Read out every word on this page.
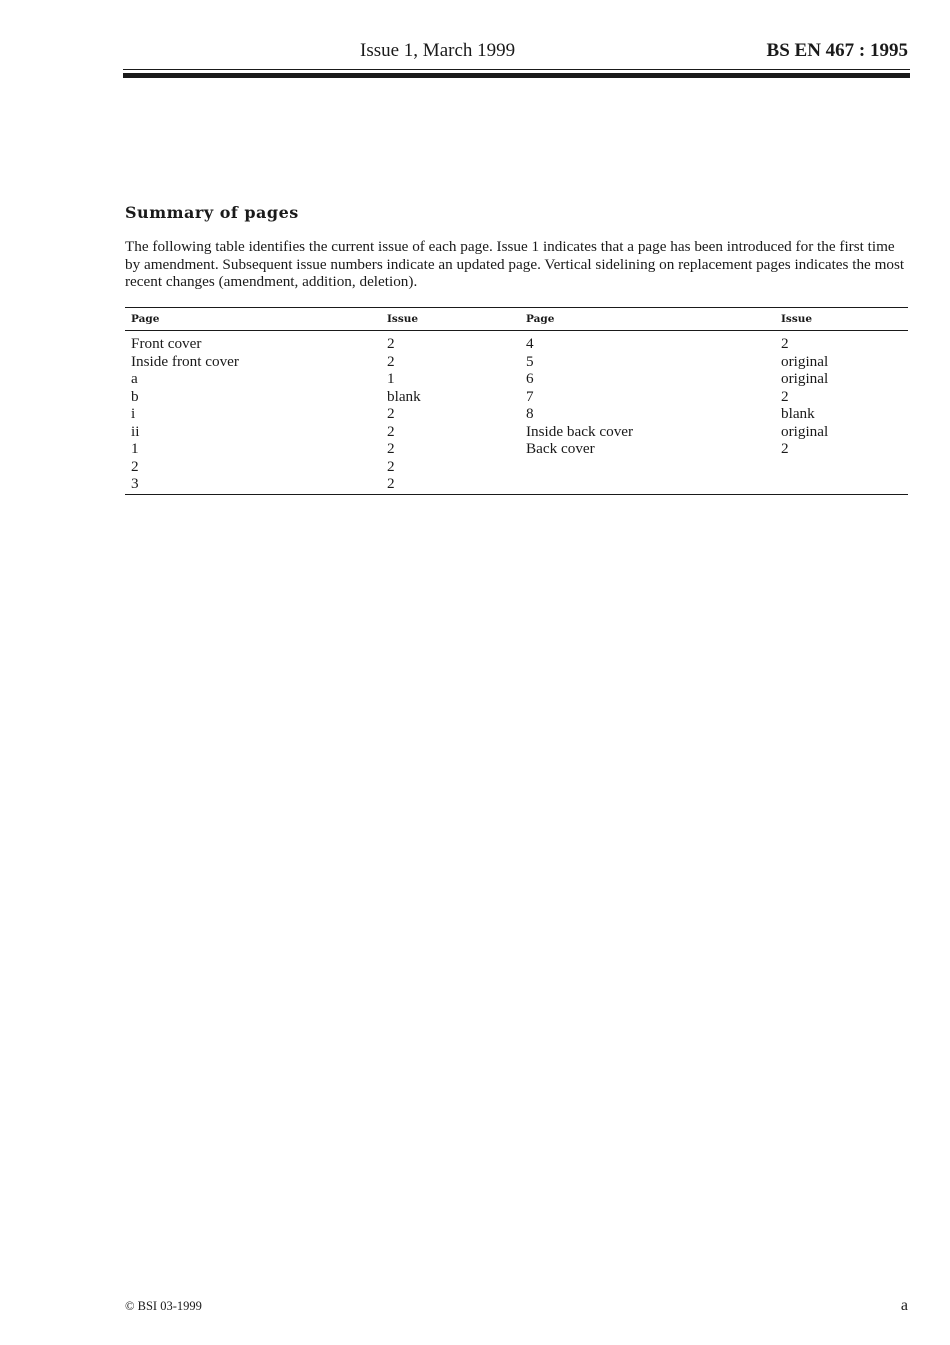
Issue 1, March 1999	BS EN 467 : 1995
Summary of pages

The following table identifies the current issue of each page. Issue 1 indicates that a page has been introduced for the first time by amendment. Subsequent issue numbers indicate an updated page. Vertical sidelining on replacement pages indicates the most recent changes (amendment, addition, deletion).

Page	Issue	Page	Issue
Front cover	2	4	2
Inside front cover	2	5	original
a	1	6	original
b	blank	7	2
i	2	8	blank
ii	2	Inside back cover	original
1	2	Back cover	2
2	2		
3	2		
© BSI 03-1999	a
